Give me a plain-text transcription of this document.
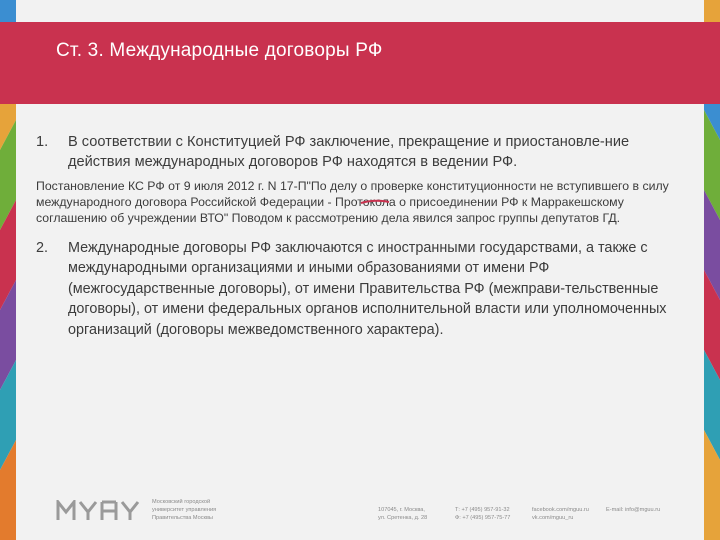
Ст. 3. Международные договоры РФ
1. В соответствии с Конституцией РФ заключение, прекращение и приостановле-ние действия международных договоров РФ находятся в ведении РФ.
Постановление КС РФ от 9 июля 2012 г. N 17-П"По делу о проверке конституционности не вступившего в силу международного договора Российской Федерации - Протокола о присоединении РФ к Марракешскому соглашению об учреждении ВТО" Поводом к рассмотрению дела явился запрос группы депутатов ГД.
2. Международные договоры РФ заключаются с иностранными государствами, а также с международными организациями и иными образованиями от имени РФ (межгосударственные договоры), от имени Правительства РФ (межправи-тельственные договоры), от имени федеральных органов исполнительной власти или уполномоченных организаций (договоры межведомственного характера).
Московский городской
университет управления
Правительства Москвы
107045, г. Москва,
ул. Сретенка, д. 28
Т: +7 (495) 957-91-32
Ф: +7 (495) 957-75-77
facebook.com/mguu.ru
vk.com/mguu_ru
E-mail: info@mguu.ru
